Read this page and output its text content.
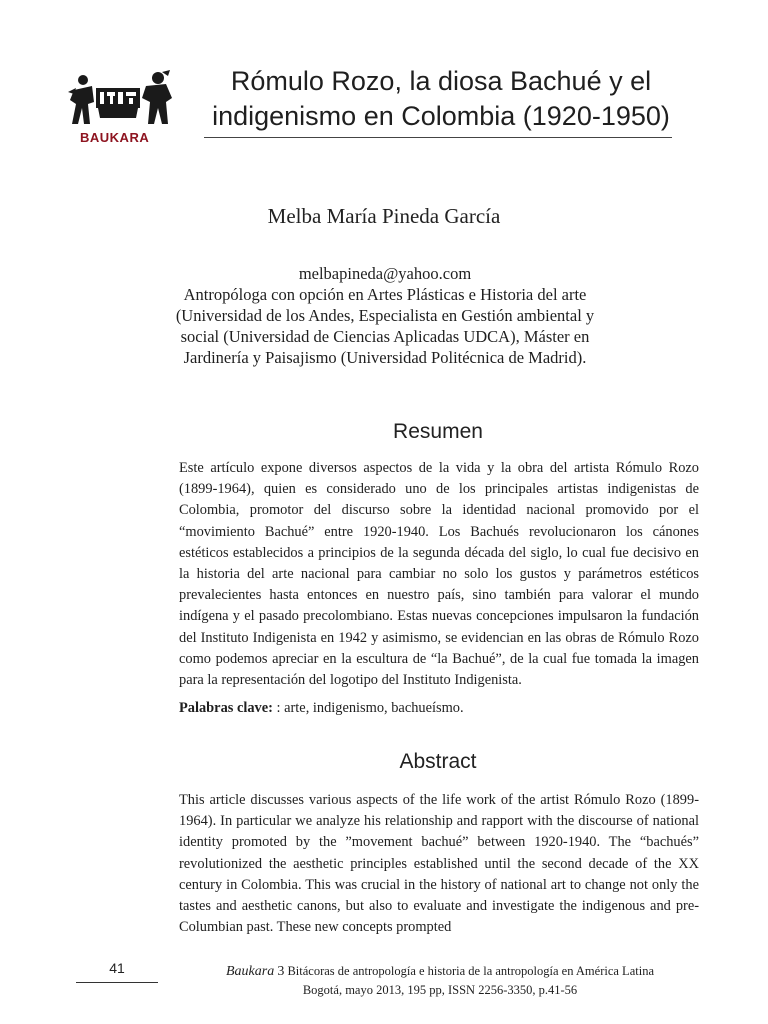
BAUKARA
Rómulo Rozo, la diosa Bachué y el indigenismo en Colombia (1920-1950)
Melba María Pineda García

melbapineda@yahoo.com

Antropóloga con opción en Artes Plásticas e Historia del arte (Universidad de los Andes, Especialista en Gestión ambiental y social (Universidad de Ciencias Aplicadas UDCA), Máster en Jardinería y Paisajismo (Universidad Politécnica de Madrid).

Resumen

Este artículo expone diversos aspectos de la vida y la obra del artista Rómulo Rozo (1899-1964), quien es considerado uno de los principales artistas indigenistas de Colombia, promotor del discurso sobre la identidad nacional promovido por el “movimiento Bachué” entre 1920-1940. Los Bachués revolucionaron los cánones estéticos establecidos a principios de la segunda década del siglo, lo cual fue decisivo en la historia del arte nacional para cambiar no solo los gustos y parámetros estéticos prevalecientes hasta entonces en nuestro país, sino también para valorar el mundo indígena y el pasado precolombiano. Estas nuevas concepciones impulsaron la fundación del Instituto Indigenista en 1942 y asimismo, se evidencian en las obras de Rómulo Rozo como podemos apreciar en la escultura de “la Bachué”, de la cual fue tomada la imagen para la representación del logotipo del Instituto Indigenista.

Palabras clave: : arte, indigenismo, bachueísmo.

Abstract

This article discusses various aspects of the life work of the artist Rómulo Rozo (1899-1964). In particular we analyze his relationship and rapport with the discourse of national identity promoted by the ”movement bachué” between 1920-1940. The “bachués” revolutionized the aesthetic principles established until the second decade of the XX century in Colombia. This was crucial in the history of national art to change not only the tastes and aesthetic canons, but also to evaluate and investigate the indigenous and pre-Columbian past. These new concepts prompted

41	Baukara 3 Bitácoras de antropología e historia de la antropología en América Latina

Bogotá, mayo 2013, 195 pp, ISSN 2256-3350, p.41-56
